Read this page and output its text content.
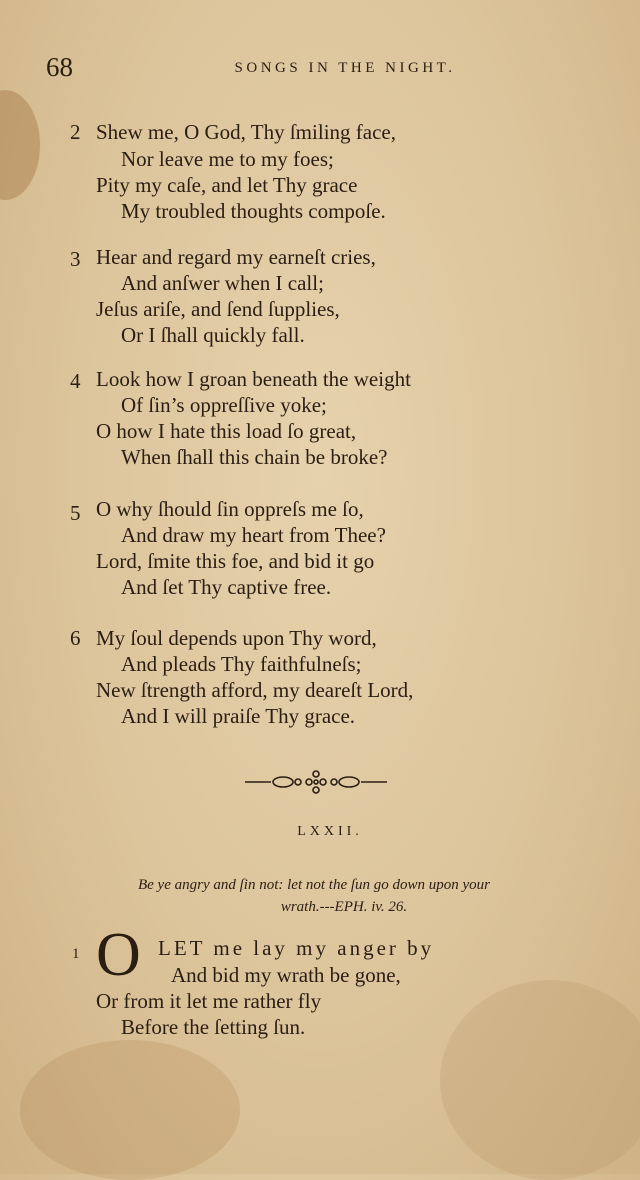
68	SONGS IN THE NIGHT.
2 Shew me, O God, Thy ſmiling face,
Nor leave me to my foes;
Pity my caſe, and let Thy grace
My troubled thoughts compoſe.
3 Hear and regard my earneſt cries,
And anſwer when I call;
Jeſus ariſe, and ſend ſupplies,
Or I ſhall quickly fall.
4 Look how I groan beneath the weight
Of ſin’s oppreſſive yoke;
O how I hate this load ſo great,
When ſhall this chain be broke?
5 O why ſhould ſin oppreſs me ſo,
And draw my heart from Thee?
Lord, ſmite this foe, and bid it go
And ſet Thy captive free.
6 My ſoul depends upon Thy word,
And pleads Thy faithfulneſs;
New ſtrength afford, my deareſt Lord,
And I will praiſe Thy grace.
LXXII.
Be ye angry and ſin not: let not the ſun go down upon your
wrath.---EPH. iv. 26.
1 O LET me lay my anger by
And bid my wrath be gone,
Or from it let me rather fly
Before the ſetting ſun.
